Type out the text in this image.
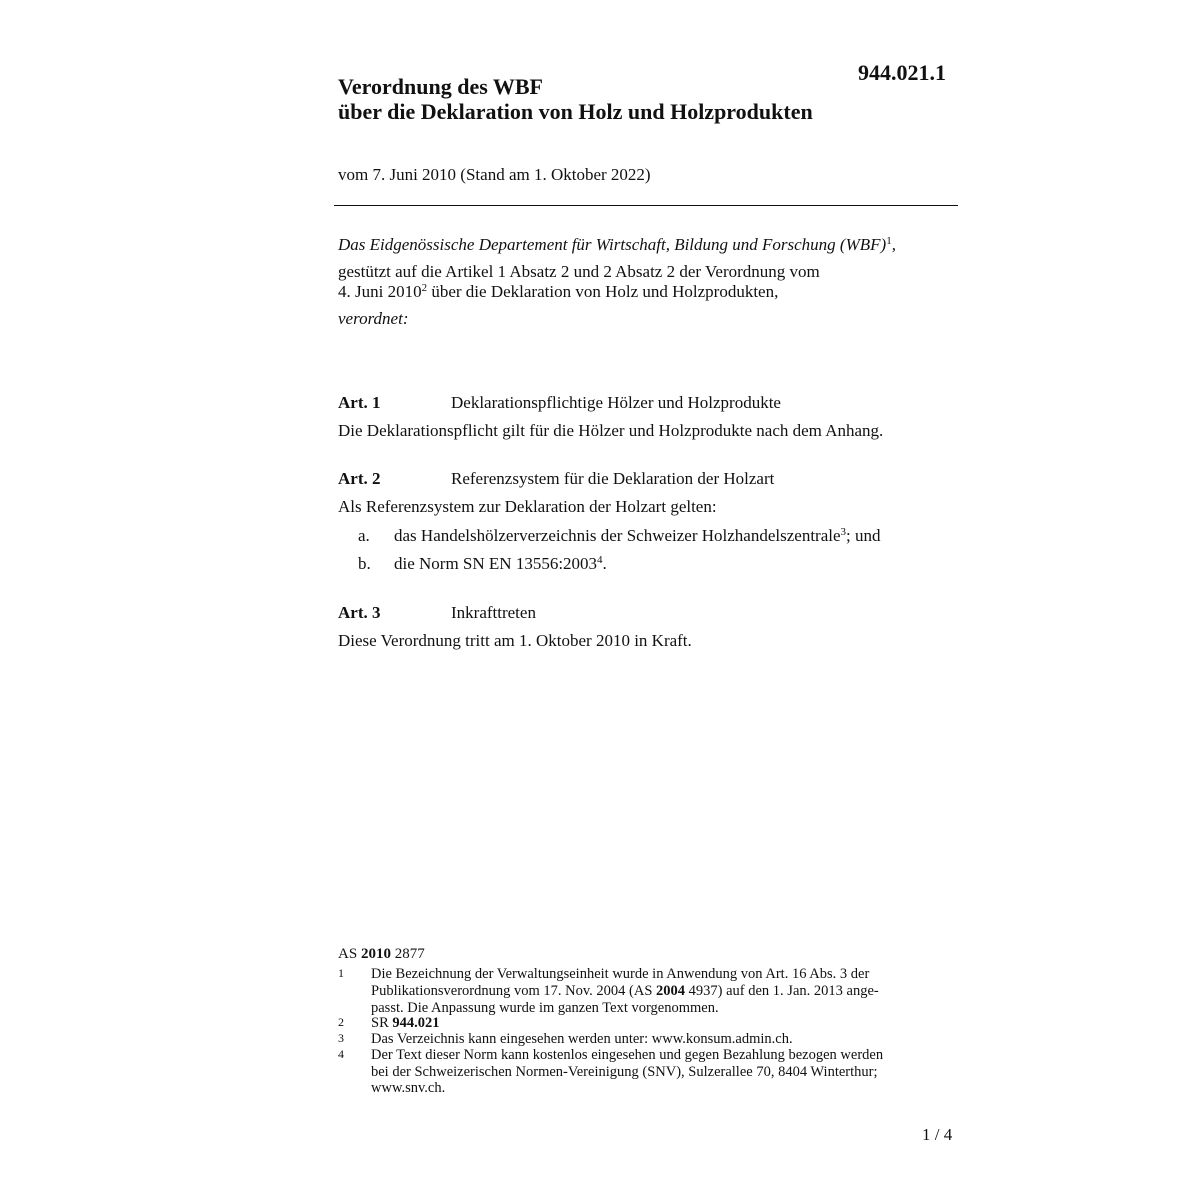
944.021.1
Verordnung des WBF
über die Deklaration von Holz und Holzprodukten
vom 7. Juni 2010 (Stand am 1. Oktober 2022)
Das Eidgenössische Departement für Wirtschaft, Bildung und Forschung (WBF)$^1$,
gestützt auf die Artikel 1 Absatz 2 und 2 Absatz 2 der Verordnung vom
4. Juni 2010$^2$ über die Deklaration von Holz und Holzprodukten,
verordnet:
Art. 1	Deklarationspflichtige Hölzer und Holzprodukte
Die Deklarationspflicht gilt für die Hölzer und Holzprodukte nach dem Anhang.
Art. 2	Referenzsystem für die Deklaration der Holzart
Als Referenzsystem zur Deklaration der Holzart gelten:
a. das Handelshölzerverzeichnis der Schweizer Holzhandelszentrale$^3$; und
b. die Norm SN EN 13556:2003$^4$.
Art. 3	Inkrafttreten
Diese Verordnung tritt am 1. Oktober 2010 in Kraft.
AS 2010 2877
1 Die Bezeichnung der Verwaltungseinheit wurde in Anwendung von Art. 16 Abs. 3 der
Publikationsverordnung vom 17. Nov. 2004 (AS 2004 4937) auf den 1. Jan. 2013 ange-
passt. Die Anpassung wurde im ganzen Text vorgenommen.
2 SR 944.021
3 Das Verzeichnis kann eingesehen werden unter: www.konsum.admin.ch.
4 Der Text dieser Norm kann kostenlos eingesehen und gegen Bezahlung bezogen werden
bei der Schweizerischen Normen-Vereinigung (SNV), Sulzerallee 70, 8404 Winterthur;
www.snv.ch.
1 / 4
